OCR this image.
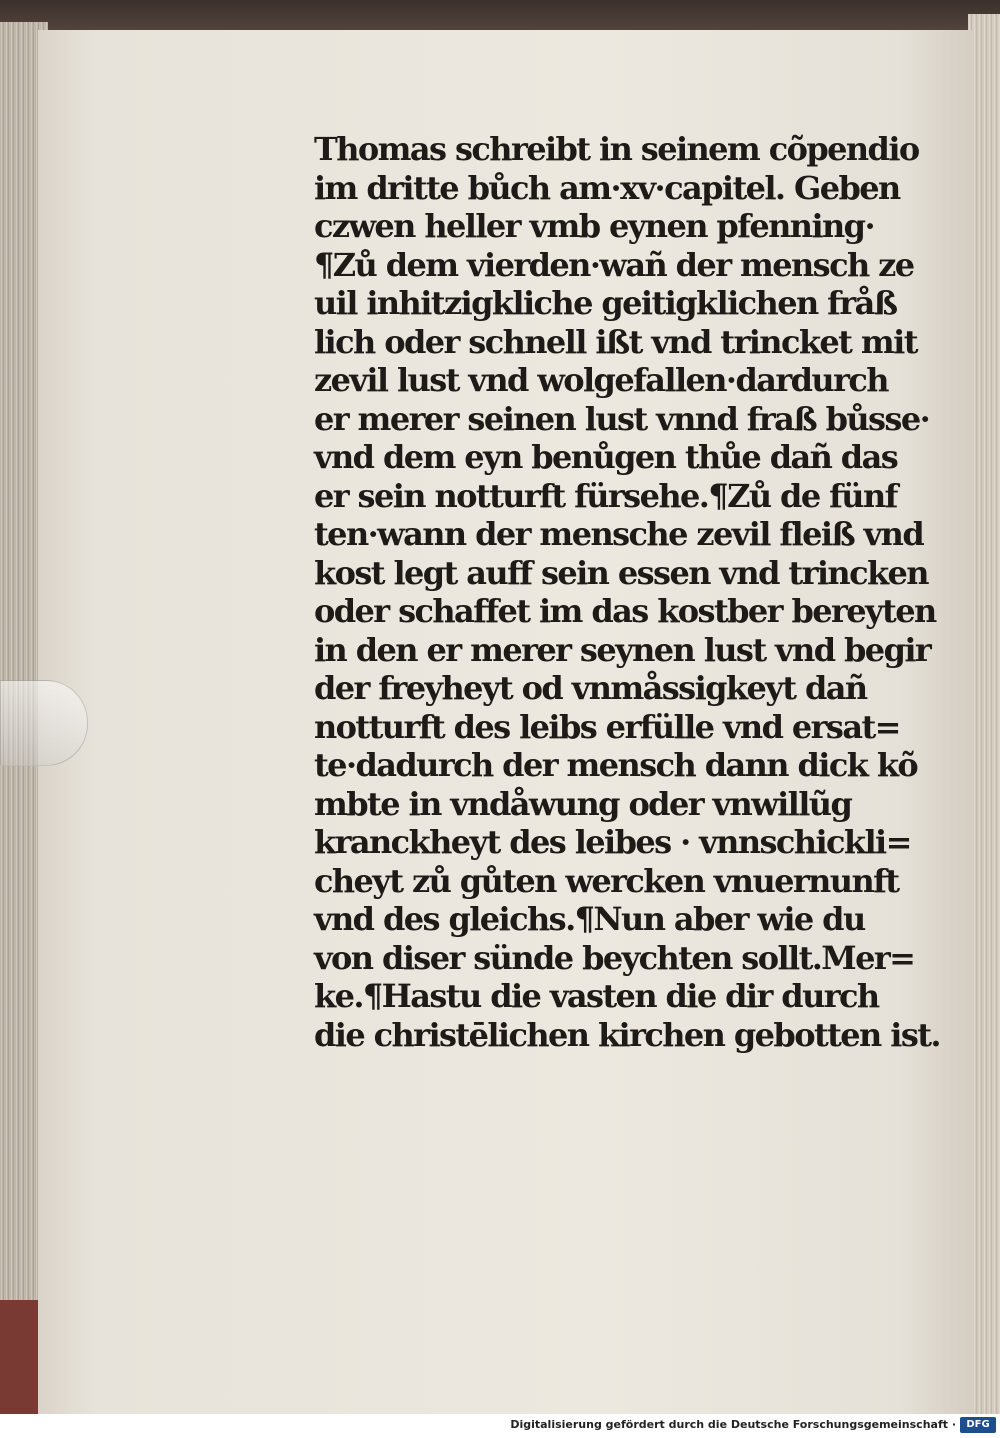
Thomas schreibt in seinem cõpendio
im dritte bůch am·xv·capitel. Geben
czwen heller vmb eynen pfenning·
¶Zů dem vierden·wañ der mensch ze
uil inhitzigkliche geitigklichen fråß
lich oder schnell ißt vnd trincket mit
zevil lust vnd wolgefallen·dardurch
er merer seinen lust vnnd fraß bůsse·
vnd dem eyn benůgen thůe dañ das
er sein notturft fürsehe.¶Zů de fünf
ten·wann der mensche zevil fleiß vnd
kost legt auff sein essen vnd trincken
oder schaffet im das kostber bereyten
in den er merer seynen lust vnd begir
der freyheyt od vnmåssigkeyt dañ
notturft des leibs erfülle vnd ersat=
te·dadurch der mensch dann dick kõ
mbte in vndåwung oder vnwillũg
kranckheyt des leibes · vnnschickli=
cheyt zů gůten wercken vnuernunft
vnd des gleichs.¶Nun aber wie du
von diser sünde beychten sollt.Mer=
ke.¶Hastu die vasten die dir durch
die christēlichen kirchen gebotten ist.
Digitalisierung gefördert durch die Deutsche Forschungsgemeinschaft ·	DFG
